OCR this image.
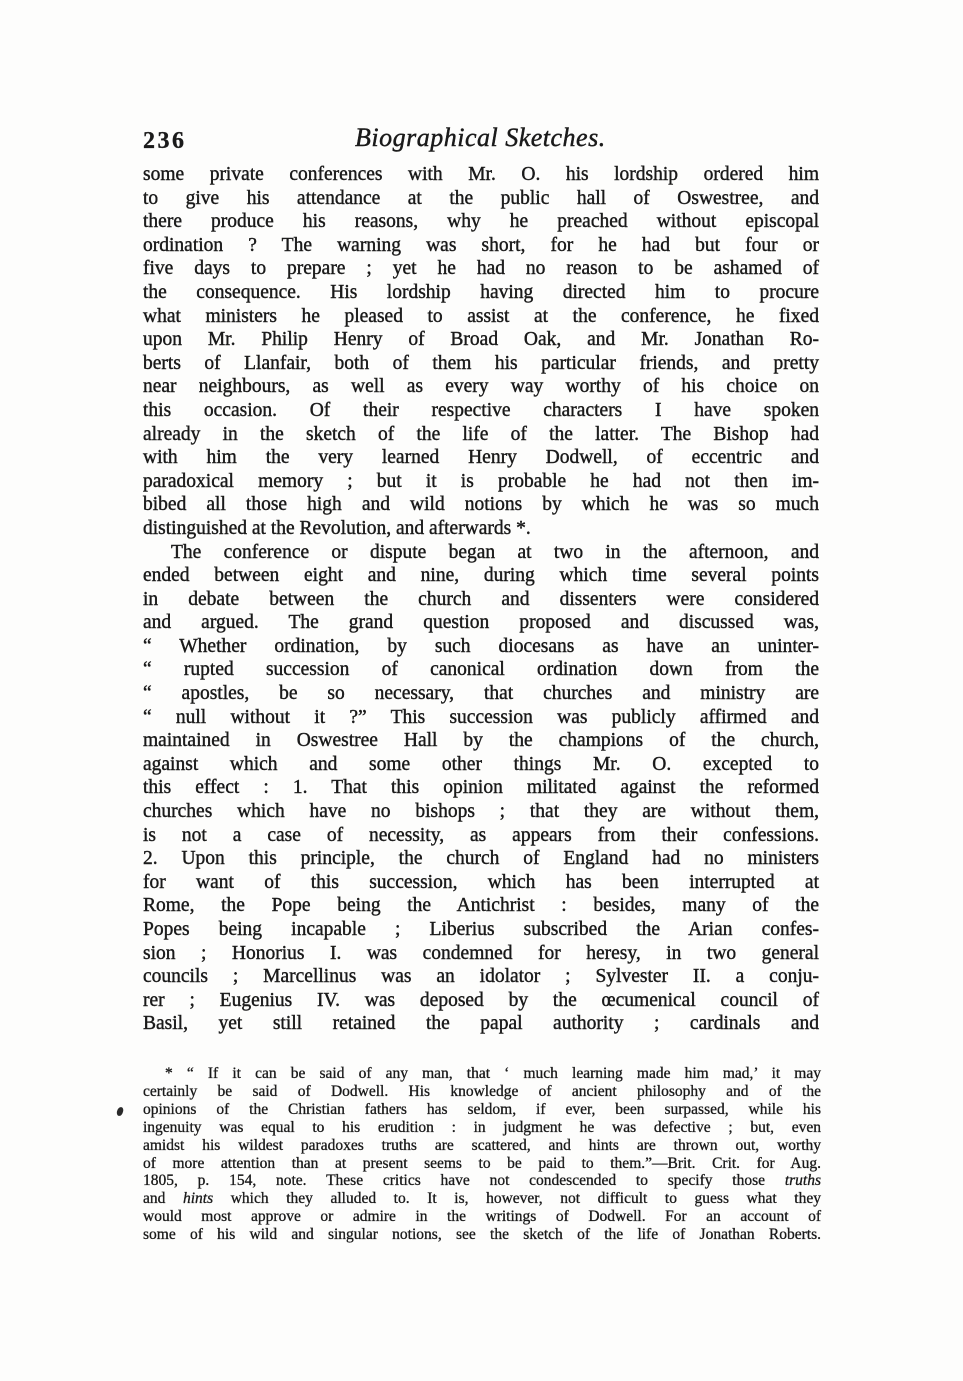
236	Biographical Sketches.
some private conferences with Mr. O. his lordship ordered him
to give his attendance at the public hall of Oswestree, and
there produce his reasons, why he preached without episcopal
ordination ? The warning was short, for he had but four or
five days to prepare ; yet he had no reason to be ashamed of
the consequence. His lordship having directed him to procure
what ministers he pleased to assist at the conference, he fixed
upon Mr. Philip Henry of Broad Oak, and Mr. Jonathan Ro-
berts of Llanfair, both of them his particular friends, and pretty
near neighbours, as well as every way worthy of his choice on
this occasion. Of their respective characters I have spoken
already in the sketch of the life of the latter. The Bishop had
with him the very learned Henry Dodwell, of eccentric and
paradoxical memory ; but it is probable he had not then im-
bibed all those high and wild notions by which he was so much
distinguished at the Revolution, and afterwards *.
The conference or dispute began at two in the afternoon, and
ended between eight and nine, during which time several points
in debate between the church and dissenters were considered
and argued. The grand question proposed and discussed was,
“ Whether ordination, by such diocesans as have an uninter-
“ rupted succession of canonical ordination down from the
“ apostles, be so necessary, that churches and ministry are
“ null without it ?” This succession was publicly affirmed and
maintained in Oswestree Hall by the champions of the church,
against which and some other things Mr. O. excepted to
this effect : 1. That this opinion militated against the reformed
churches which have no bishops ; that they are without them,
is not a case of necessity, as appears from their confessions.
2. Upon this principle, the church of England had no ministers
for want of this succession, which has been interrupted at
Rome, the Pope being the Antichrist : besides, many of the
Popes being incapable ; Liberius subscribed the Arian confes-
sion ; Honorius I. was condemned for heresy, in two general
councils ; Marcellinus was an idolator ; Sylvester II. a conju-
rer ; Eugenius IV. was deposed by the œcumenical council of
Basil, yet still retained the papal authority ; cardinals and
* “ If it can be said of any man, that ‘ much learning made him mad,’ it may
certainly be said of Dodwell. His knowledge of ancient philosophy and of the
opinions of the Christian fathers has seldom, if ever, been surpassed, while his
ingenuity was equal to his erudition : in judgment he was defective ; but, even
amidst his wildest paradoxes truths are scattered, and hints are thrown out, worthy
of more attention than at present seems to be paid to them.”—Brit. Crit. for Aug.
1805, p. 154, note. These critics have not condescended to specify those truths
and hints which they alluded to. It is, however, not difficult to guess what they
would most approve or admire in the writings of Dodwell. For an account of
some of his wild and singular notions, see the sketch of the life of Jonathan Roberts.
